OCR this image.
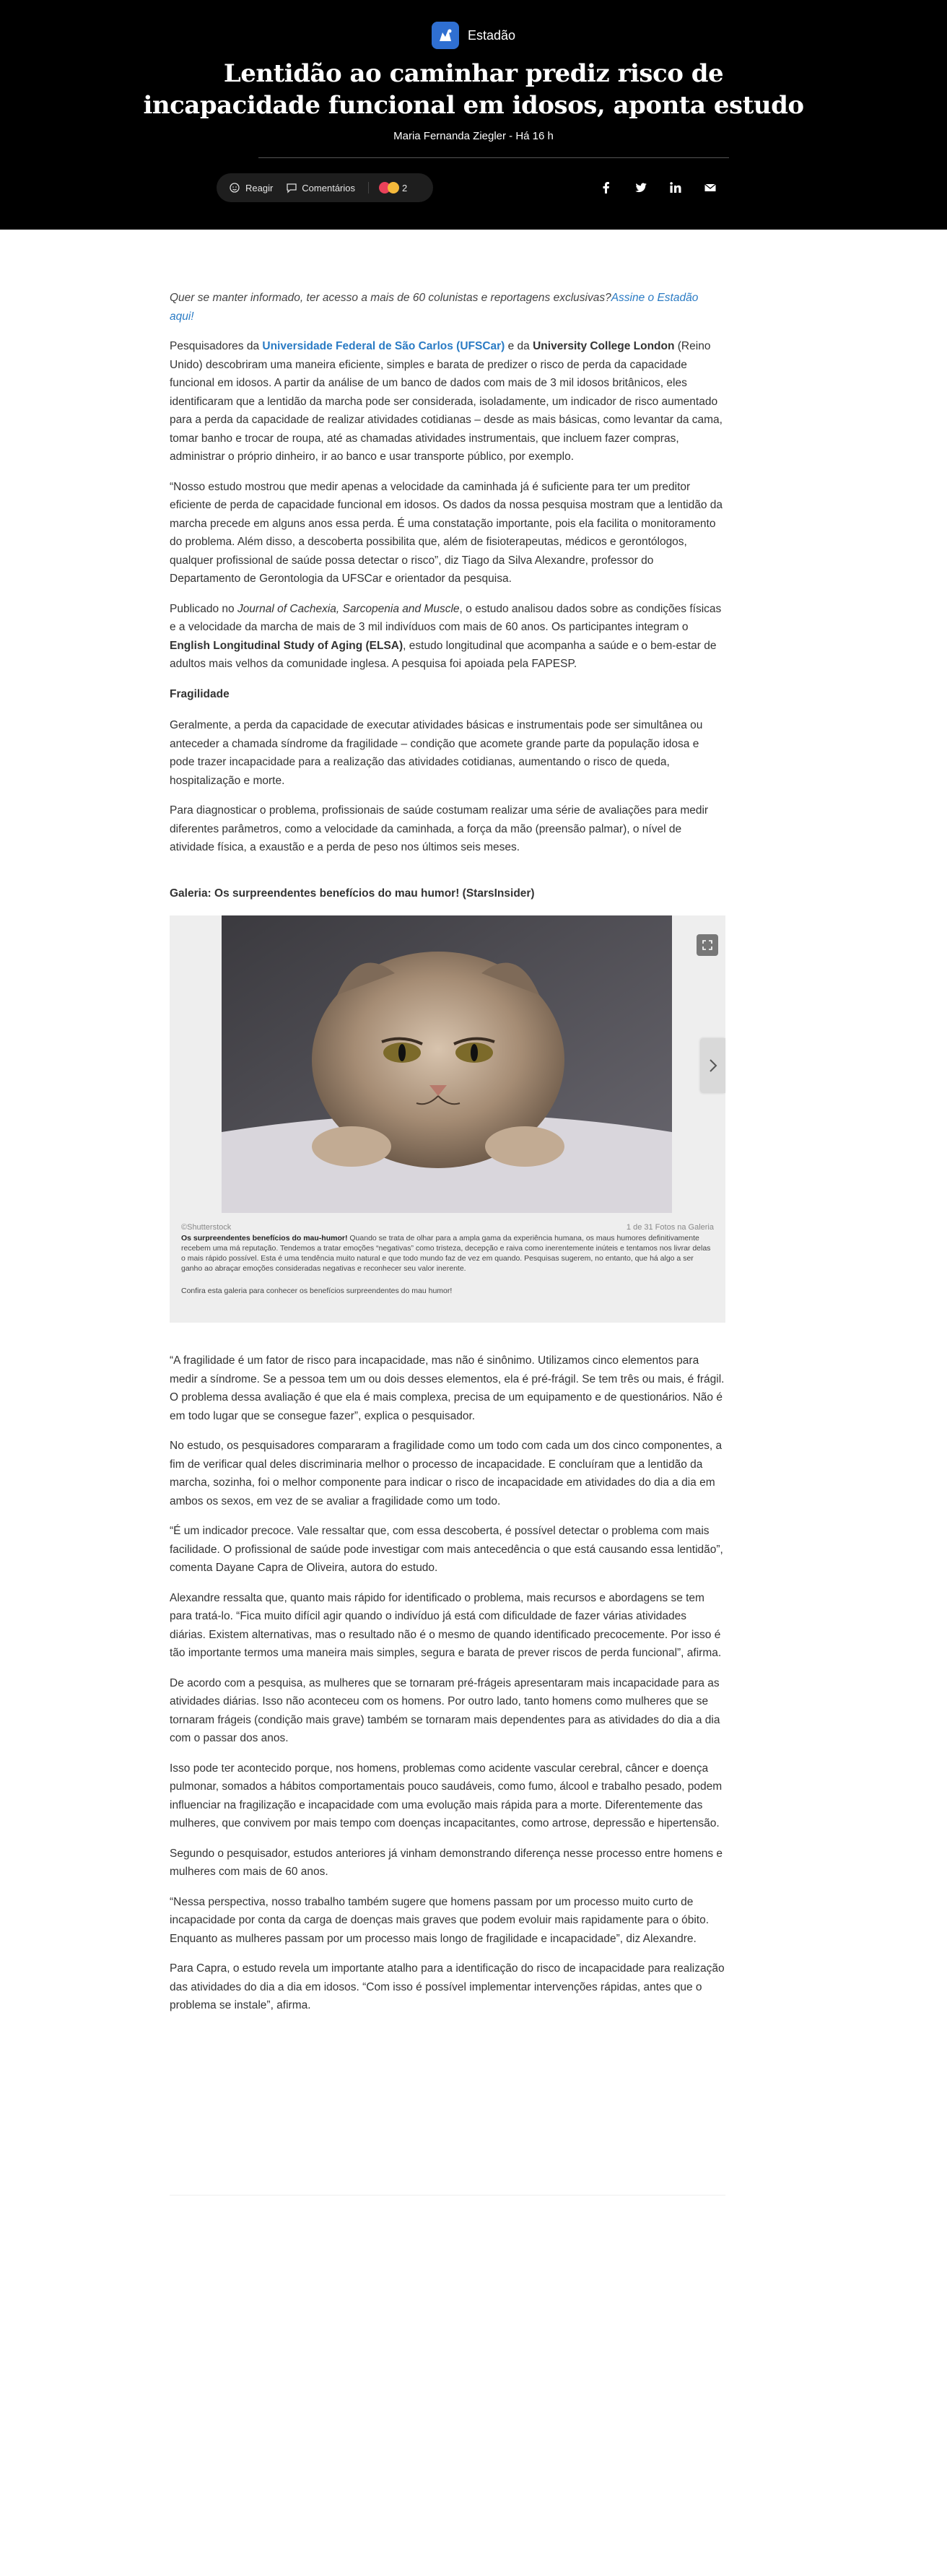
Estadão
Lentidão ao caminhar prediz risco de incapacidade funcional em idosos, aponta estudo
Maria Fernanda Ziegler - Há 16 h
Reagir	Comentários	2

Quer se manter informado, ter acesso a mais de 60 colunistas e reportagens exclusivas?Assine o Estadão aqui!

Pesquisadores da Universidade Federal de São Carlos (UFSCar) e da University College London (Reino Unido) descobriram uma maneira eficiente, simples e barata de predizer o risco de perda da capacidade funcional em idosos. A partir da análise de um banco de dados com mais de 3 mil idosos britânicos, eles identificaram que a lentidão da marcha pode ser considerada, isoladamente, um indicador de risco aumentado para a perda da capacidade de realizar atividades cotidianas – desde as mais básicas, como levantar da cama, tomar banho e trocar de roupa, até as chamadas atividades instrumentais, que incluem fazer compras, administrar o próprio dinheiro, ir ao banco e usar transporte público, por exemplo.

“Nosso estudo mostrou que medir apenas a velocidade da caminhada já é suficiente para ter um preditor eficiente de perda de capacidade funcional em idosos. Os dados da nossa pesquisa mostram que a lentidão da marcha precede em alguns anos essa perda. É uma constatação importante, pois ela facilita o monitoramento do problema. Além disso, a descoberta possibilita que, além de fisioterapeutas, médicos e gerontólogos, qualquer profissional de saúde possa detectar o risco”, diz Tiago da Silva Alexandre, professor do Departamento de Gerontologia da UFSCar e orientador da pesquisa.

Publicado no Journal of Cachexia, Sarcopenia and Muscle, o estudo analisou dados sobre as condições físicas e a velocidade da marcha de mais de 3 mil indivíduos com mais de 60 anos. Os participantes integram o English Longitudinal Study of Aging (ELSA), estudo longitudinal que acompanha a saúde e o bem-estar de adultos mais velhos da comunidade inglesa. A pesquisa foi apoiada pela FAPESP.

Fragilidade

Geralmente, a perda da capacidade de executar atividades básicas e instrumentais pode ser simultânea ou anteceder a chamada síndrome da fragilidade – condição que acomete grande parte da população idosa e pode trazer incapacidade para a realização das atividades cotidianas, aumentando o risco de queda, hospitalização e morte.

Para diagnosticar o problema, profissionais de saúde costumam realizar uma série de avaliações para medir diferentes parâmetros, como a velocidade da caminhada, a força da mão (preensão palmar), o nível de atividade física, a exaustão e a perda de peso nos últimos seis meses.

Galeria: Os surpreendentes benefícios do mau humor! (StarsInsider)
©Shutterstock	1 de 31 Fotos na Galeria
Os surpreendentes benefícios do mau-humor! Quando se trata de olhar para a ampla gama da experiência humana, os maus humores definitivamente recebem uma má reputação. Tendemos a tratar emoções “negativas” como tristeza, decepção e raiva como inerentemente inúteis e tentamos nos livrar delas o mais rápido possível. Esta é uma tendência muito natural e que todo mundo faz de vez em quando. Pesquisas sugerem, no entanto, que há algo a ser ganho ao abraçar emoções consideradas negativas e reconhecer seu valor inerente.
Confira esta galeria para conhecer os benefícios surpreendentes do mau humor!

“A fragilidade é um fator de risco para incapacidade, mas não é sinônimo. Utilizamos cinco elementos para medir a síndrome. Se a pessoa tem um ou dois desses elementos, ela é pré-frágil. Se tem três ou mais, é frágil. O problema dessa avaliação é que ela é mais complexa, precisa de um equipamento e de questionários. Não é em todo lugar que se consegue fazer”, explica o pesquisador.

No estudo, os pesquisadores compararam a fragilidade como um todo com cada um dos cinco componentes, a fim de verificar qual deles discriminaria melhor o processo de incapacidade. E concluíram que a lentidão da marcha, sozinha, foi o melhor componente para indicar o risco de incapacidade em atividades do dia a dia em ambos os sexos, em vez de se avaliar a fragilidade como um todo.

“É um indicador precoce. Vale ressaltar que, com essa descoberta, é possível detectar o problema com mais facilidade. O profissional de saúde pode investigar com mais antecedência o que está causando essa lentidão”, comenta Dayane Capra de Oliveira, autora do estudo.

Alexandre ressalta que, quanto mais rápido for identificado o problema, mais recursos e abordagens se tem para tratá-lo. “Fica muito difícil agir quando o indivíduo já está com dificuldade de fazer várias atividades diárias. Existem alternativas, mas o resultado não é o mesmo de quando identificado precocemente. Por isso é tão importante termos uma maneira mais simples, segura e barata de prever riscos de perda funcional”, afirma.

De acordo com a pesquisa, as mulheres que se tornaram pré-frágeis apresentaram mais incapacidade para as atividades diárias. Isso não aconteceu com os homens. Por outro lado, tanto homens como mulheres que se tornaram frágeis (condição mais grave) também se tornaram mais dependentes para as atividades do dia a dia com o passar dos anos.

Isso pode ter acontecido porque, nos homens, problemas como acidente vascular cerebral, câncer e doença pulmonar, somados a hábitos comportamentais pouco saudáveis, como fumo, álcool e trabalho pesado, podem influenciar na fragilização e incapacidade com uma evolução mais rápida para a morte. Diferentemente das mulheres, que convivem por mais tempo com doenças incapacitantes, como artrose, depressão e hipertensão.

Segundo o pesquisador, estudos anteriores já vinham demonstrando diferença nesse processo entre homens e mulheres com mais de 60 anos.

“Nessa perspectiva, nosso trabalho também sugere que homens passam por um processo muito curto de incapacidade por conta da carga de doenças mais graves que podem evoluir mais rapidamente para o óbito. Enquanto as mulheres passam por um processo mais longo de fragilidade e incapacidade”, diz Alexandre.

Para Capra, o estudo revela um importante atalho para a identificação do risco de incapacidade para realização das atividades do dia a dia em idosos. “Com isso é possível implementar intervenções rápidas, antes que o problema se instale”, afirma.
